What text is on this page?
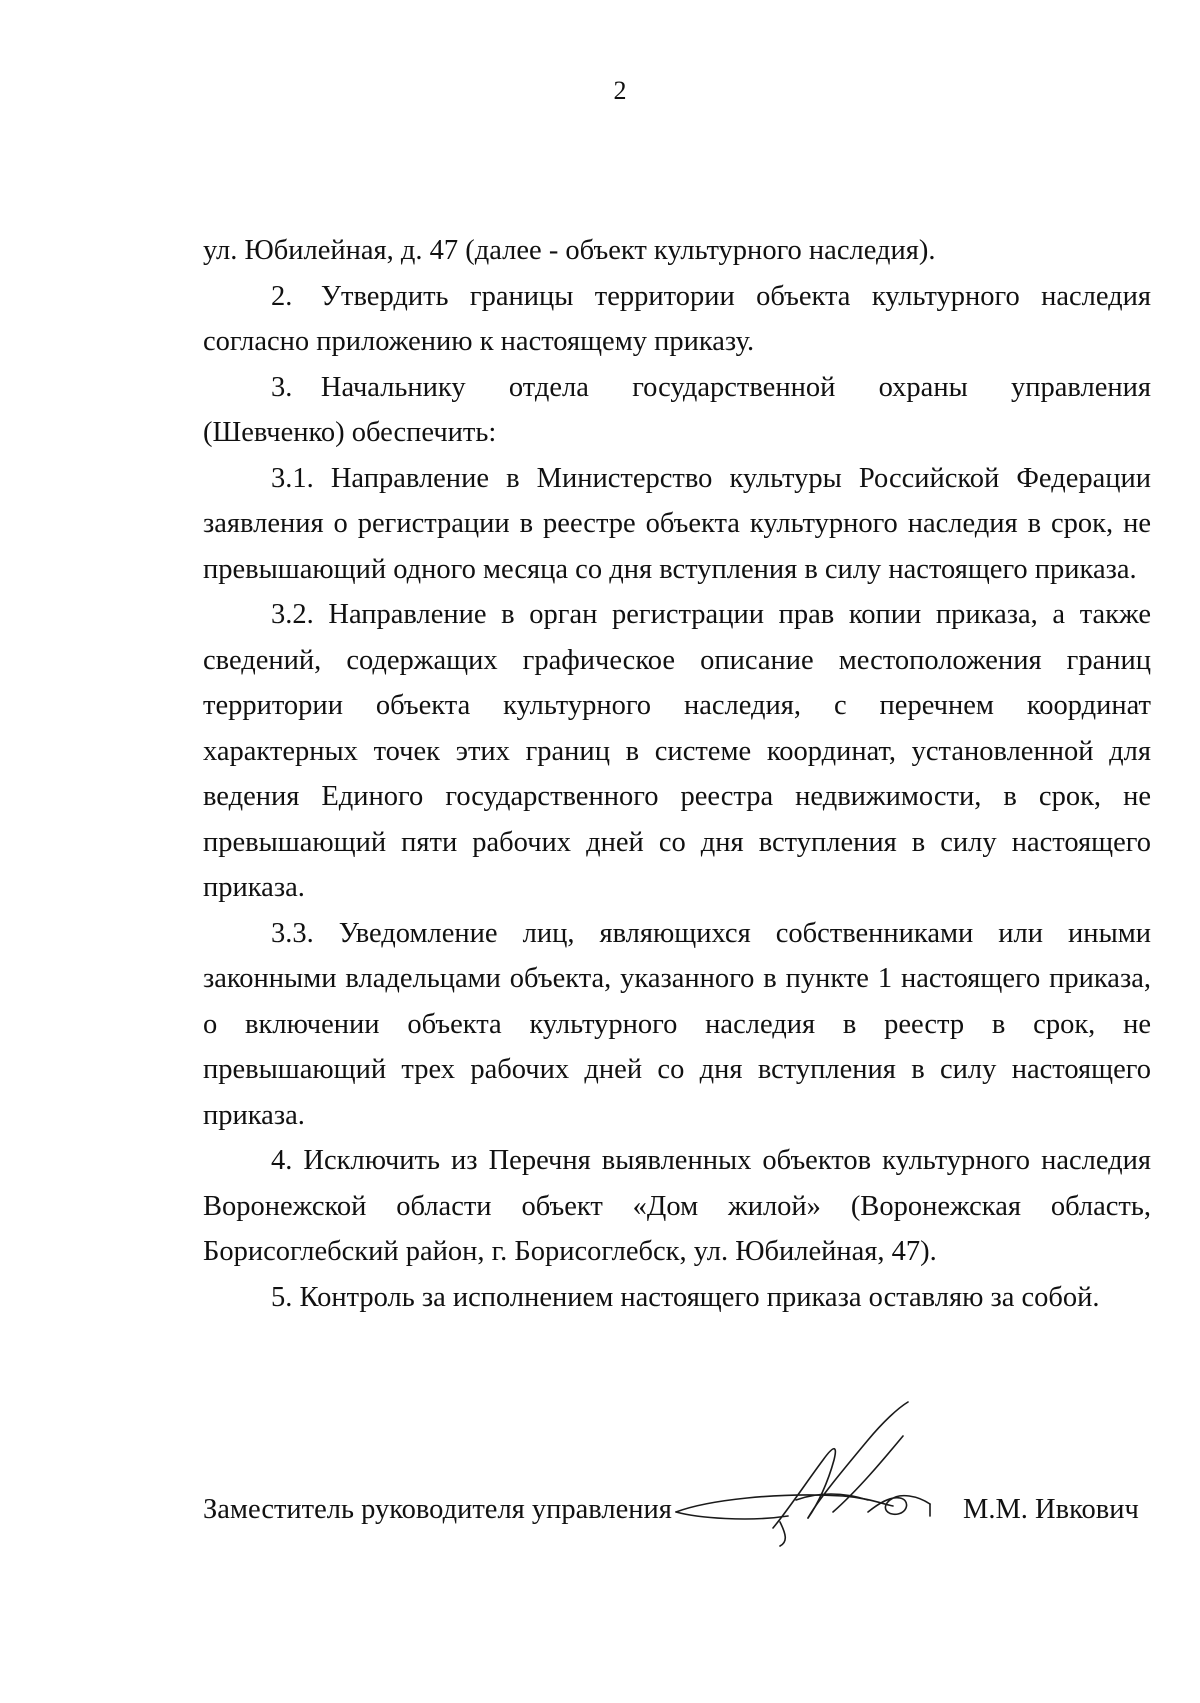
2

ул. Юбилейная, д. 47 (далее - объект культурного наследия).

2. Утвердить границы территории объекта культурного наследия согласно приложению к настоящему приказу.

3. Начальнику отдела государственной охраны управления (Шевченко) обеспечить:

3.1. Направление в Министерство культуры Российской Федерации заявления о регистрации в реестре объекта культурного наследия в срок, не превышающий одного месяца со дня вступления в силу настоящего приказа.

3.2. Направление в орган регистрации прав копии приказа, а также сведений, содержащих графическое описание местоположения границ территории объекта культурного наследия, с перечнем координат характерных точек этих границ в системе координат, установленной для ведения Единого государственного реестра недвижимости, в срок, не превышающий пяти рабочих дней со дня вступления в силу настоящего приказа.

3.3. Уведомление лиц, являющихся собственниками или иными законными владельцами объекта, указанного в пункте 1 настоящего приказа, о включении объекта культурного наследия в реестр в срок, не превышающий трех рабочих дней со дня вступления в силу настоящего приказа.

4. Исключить из Перечня выявленных объектов культурного наследия Воронежской области объект «Дом жилой» (Воронежская область, Борисоглебский район, г. Борисоглебск, ул. Юбилейная, 47).

5. Контроль за исполнением настоящего приказа оставляю за собой.

Заместитель руководителя управления	М.М. Ивкович
